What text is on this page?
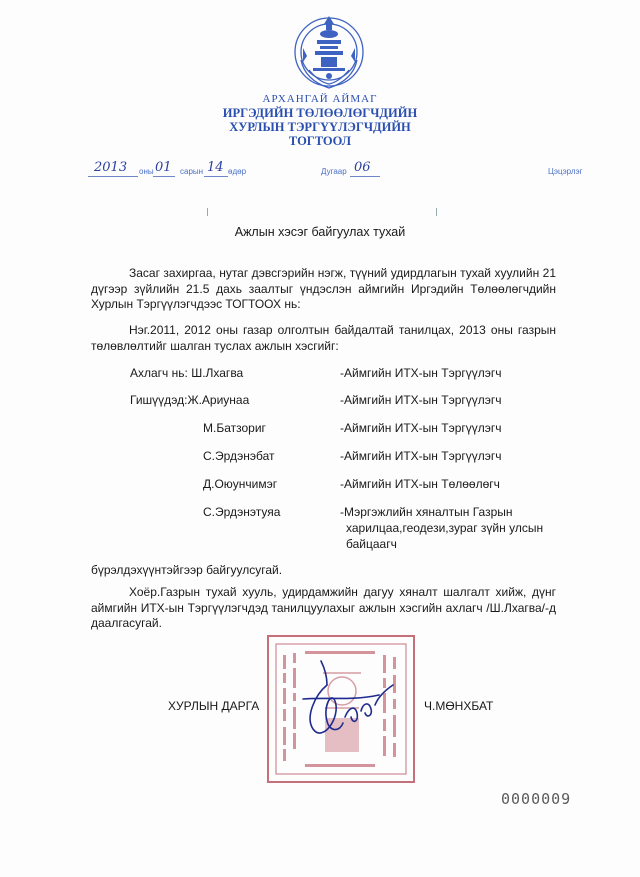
АРХАНГАЙ АЙМАГ
ИРГЭДИЙН ТӨЛӨӨЛӨГЧДИЙН
ХУРЛЫН ТЭРГҮҮЛЭГЧДИЙН
ТОГТООЛ
2013 оны 01 сарын 14 өдөр	Дугаар 06	Цэцэрлэг
Ажлын хэсэг байгуулах тухай
Засаг захиргаа, нутаг дэвсгэрийн нэгж, түүний удирдлагын тухай хуулийн 21 дүгээр зүйлийн 21.5 дахь заалтыг үндэслэн аймгийн Иргэдийн Төлөөлөгчдийн Хурлын Тэргүүлэгчдээс ТОГТООХ нь:
Нэг.2011, 2012 оны газар олголтын байдалтай танилцах, 2013 оны газрын төлөвлөлтийг шалган туслах ажлын хэсгийг:
Ахлагч нь: Ш.Лхагва	-Аймгийн ИТХ-ын Тэргүүлэгч
Гишүүдэд:Ж.Ариунаа	-Аймгийн ИТХ-ын Тэргүүлэгч
М.Батзориг	-Аймгийн ИТХ-ын Тэргүүлэгч
С.Эрдэнэбат	-Аймгийн ИТХ-ын Тэргүүлэгч
Д.Оюунчимэг	-Аймгийн ИТХ-ын Төлөөлөгч
С.Эрдэнэтуяа	-Мэргэжлийн хяналтын Газрын
харилцаа,геодези,зураг зүйн улсын
байцаагч
бүрэлдэхүүнтэйгээр байгуулсугай.
Хоёр.Газрын тухай хууль, удирдамжийн дагуу хяналт шалгалт хийж, дүнг аймгийн ИТХ-ын Тэргүүлэгчдэд танилцуулахыг ажлын хэсгийн ахлагч /Ш.Лхагва/-д даалгасугай.
ХУРЛЫН ДАРГА	Ч.МӨНХБАТ
0000009
